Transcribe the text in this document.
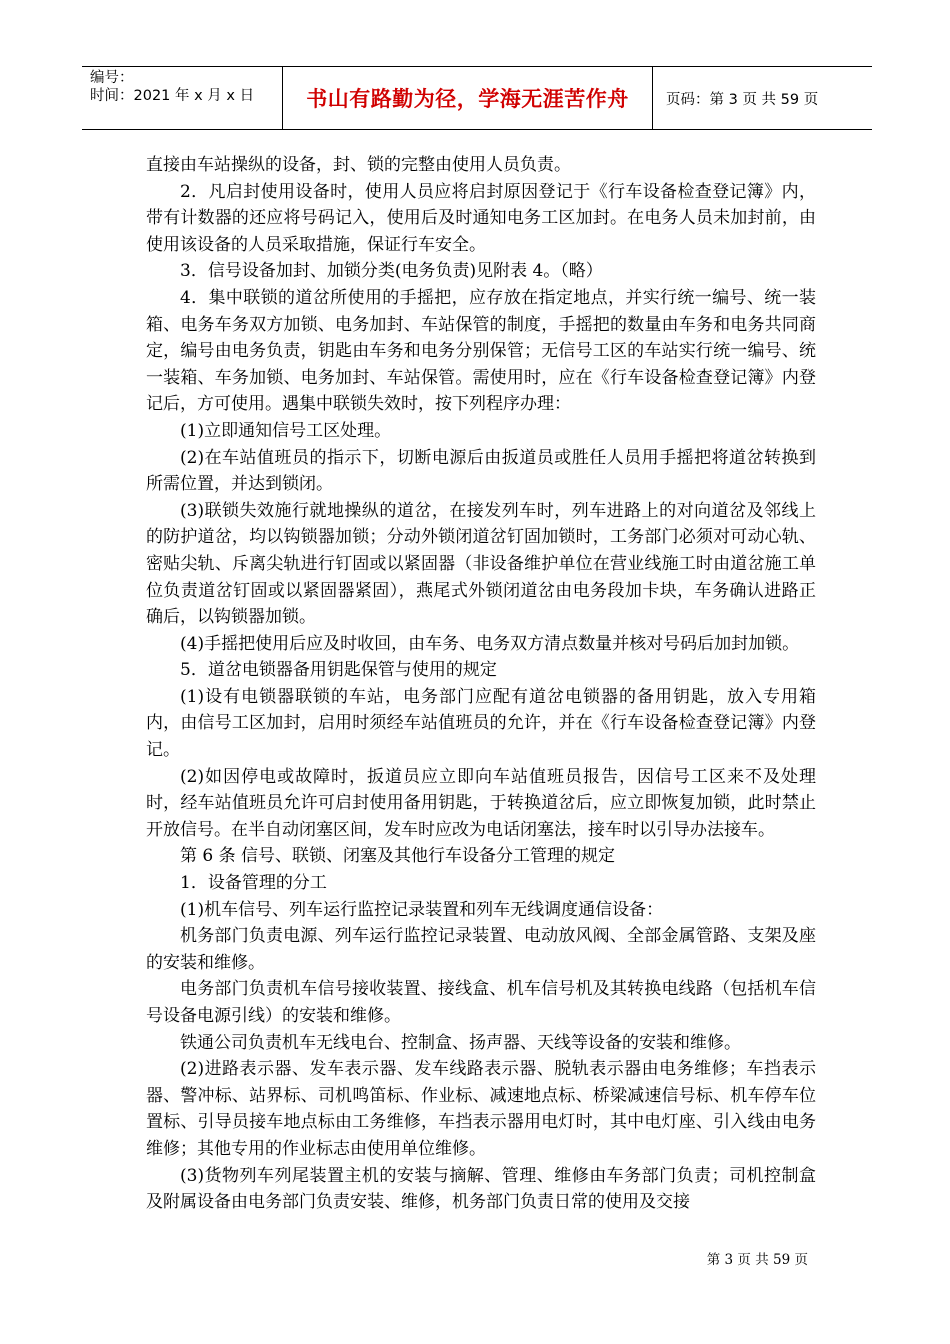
编号：
时间：2021 年 x 月 x 日	书山有路勤为径，学海无涯苦作舟	页码：第 3 页 共 59 页

直接由车站操纵的设备，封、锁的完整由使用人员负责。

2．凡启封使用设备时，使用人员应将启封原因登记于《行车设备检查登记簿》内，带有计数器的还应将号码记入，使用后及时通知电务工区加封。在电务人员未加封前，由使用该设备的人员采取措施，保证行车安全。

3．信号设备加封、加锁分类(电务负责)见附表 4。（略）

4．集中联锁的道岔所使用的手摇把，应存放在指定地点，并实行统一编号、统一装箱、电务车务双方加锁、电务加封、车站保管的制度，手摇把的数量由车务和电务共同商定，编号由电务负责，钥匙由车务和电务分别保管；无信号工区的车站实行统一编号、统一装箱、车务加锁、电务加封、车站保管。需使用时，应在《行车设备检查登记簿》内登记后，方可使用。遇集中联锁失效时，按下列程序办理：

(1)立即通知信号工区处理。

(2)在车站值班员的指示下，切断电源后由扳道员或胜任人员用手摇把将道岔转换到所需位置，并达到锁闭。

(3)联锁失效施行就地操纵的道岔，在接发列车时，列车进路上的对向道岔及邻线上的防护道岔，均以钩锁器加锁；分动外锁闭道岔钉固加锁时，工务部门必须对可动心轨、密贴尖轨、斥离尖轨进行钉固或以紧固器（非设备维护单位在营业线施工时由道岔施工单位负责道岔钉固或以紧固器紧固），燕尾式外锁闭道岔由电务段加卡块，车务确认进路正确后，以钩锁器加锁。

(4)手摇把使用后应及时收回，由车务、电务双方清点数量并核对号码后加封加锁。

5．道岔电锁器备用钥匙保管与使用的规定

(1)设有电锁器联锁的车站，电务部门应配有道岔电锁器的备用钥匙，放入专用箱内，由信号工区加封，启用时须经车站值班员的允许，并在《行车设备检查登记簿》内登记。

(2)如因停电或故障时，扳道员应立即向车站值班员报告，因信号工区来不及处理时，经车站值班员允许可启封使用备用钥匙，于转换道岔后，应立即恢复加锁，此时禁止开放信号。在半自动闭塞区间，发车时应改为电话闭塞法，接车时以引导办法接车。

第 6 条 信号、联锁、闭塞及其他行车设备分工管理的规定

1．设备管理的分工

(1)机车信号、列车运行监控记录装置和列车无线调度通信设备：

机务部门负责电源、列车运行监控记录装置、电动放风阀、全部金属管路、支架及座的安装和维修。

电务部门负责机车信号接收装置、接线盒、机车信号机及其转换电线路（包括机车信号设备电源引线）的安装和维修。

铁通公司负责机车无线电台、控制盒、扬声器、天线等设备的安装和维修。

(2)进路表示器、发车表示器、发车线路表示器、脱轨表示器由电务维修；车挡表示器、警冲标、站界标、司机鸣笛标、作业标、减速地点标、桥梁减速信号标、机车停车位置标、引导员接车地点标由工务维修，车挡表示器用电灯时，其中电灯座、引入线由电务维修；其他专用的作业标志由使用单位维修。

(3)货物列车列尾装置主机的安装与摘解、管理、维修由车务部门负责；司机控制盒及附属设备由电务部门负责安装、维修，机务部门负责日常的使用及交接

第 3 页 共 59 页
